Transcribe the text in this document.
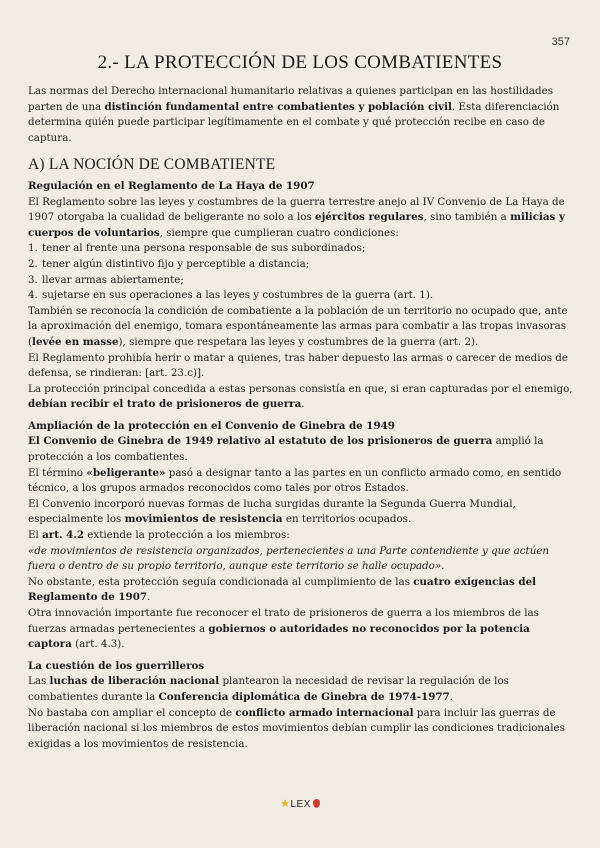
357
2.- LA PROTECCIÓN DE LOS COMBATIENTES

Las normas del Derecho internacional humanitario relativas a quienes participan en las hostilidades parten de una distinción fundamental entre combatientes y población civil. Esta diferenciación determina quién puede participar legítimamente en el combate y qué protección recibe en caso de captura.

A) LA NOCIÓN DE COMBATIENTE

Regulación en el Reglamento de La Haya de 1907

El Reglamento sobre las leyes y costumbres de la guerra terrestre anejo al IV Convenio de La Haya de 1907 otorgaba la cualidad de beligerante no solo a los ejércitos regulares, sino también a milicias y cuerpos de voluntarios, siempre que cumplieran cuatro condiciones:

1. tener al frente una persona responsable de sus subordinados;
2. tener algún distintivo fijo y perceptible a distancia;
3. llevar armas abiertamente;
4. sujetarse en sus operaciones a las leyes y costumbres de la guerra (art. 1).

También se reconocía la condición de combatiente a la población de un territorio no ocupado que, ante la aproximación del enemigo, tomara espontáneamente las armas para combatir a las tropas invasoras (levée en masse), siempre que respetara las leyes y costumbres de la guerra (art. 2).

El Reglamento prohibía herir o matar a quienes, tras haber depuesto las armas o carecer de medios de defensa, se rindieran: [art. 23.c)].

La protección principal concedida a estas personas consistía en que, si eran capturadas por el enemigo, debían recibir el trato de prisioneros de guerra.

Ampliación de la protección en el Convenio de Ginebra de 1949

El Convenio de Ginebra de 1949 relativo al estatuto de los prisioneros de guerra amplió la protección a los combatientes.

El término «beligerante» pasó a designar tanto a las partes en un conflicto armado como, en sentido técnico, a los grupos armados reconocidos como tales por otros Estados.

El Convenio incorporó nuevas formas de lucha surgidas durante la Segunda Guerra Mundial, especialmente los movimientos de resistencia en territorios ocupados.

El art. 4.2 extiende la protección a los miembros:

«de movimientos de resistencia organizados, pertenecientes a una Parte contendiente y que actúen fuera o dentro de su propio territorio, aunque este territorio se halle ocupado».

No obstante, esta protección seguía condicionada al cumplimiento de las cuatro exigencias del Reglamento de 1907.

Otra innovación importante fue reconocer el trato de prisioneros de guerra a los miembros de las fuerzas armadas pertenecientes a gobiernos o autoridades no reconocidos por la potencia captora (art. 4.3).

La cuestión de los guerrilleros

Las luchas de liberación nacional plantearon la necesidad de revisar la regulación de los combatientes durante la Conferencia diplomática de Ginebra de 1974-1977.

No bastaba con ampliar el concepto de conflicto armado internacional para incluir las guerras de liberación nacional si los miembros de estos movimientos debían cumplir las condiciones tradicionales exigidas a los movimientos de resistencia.

★LEX
